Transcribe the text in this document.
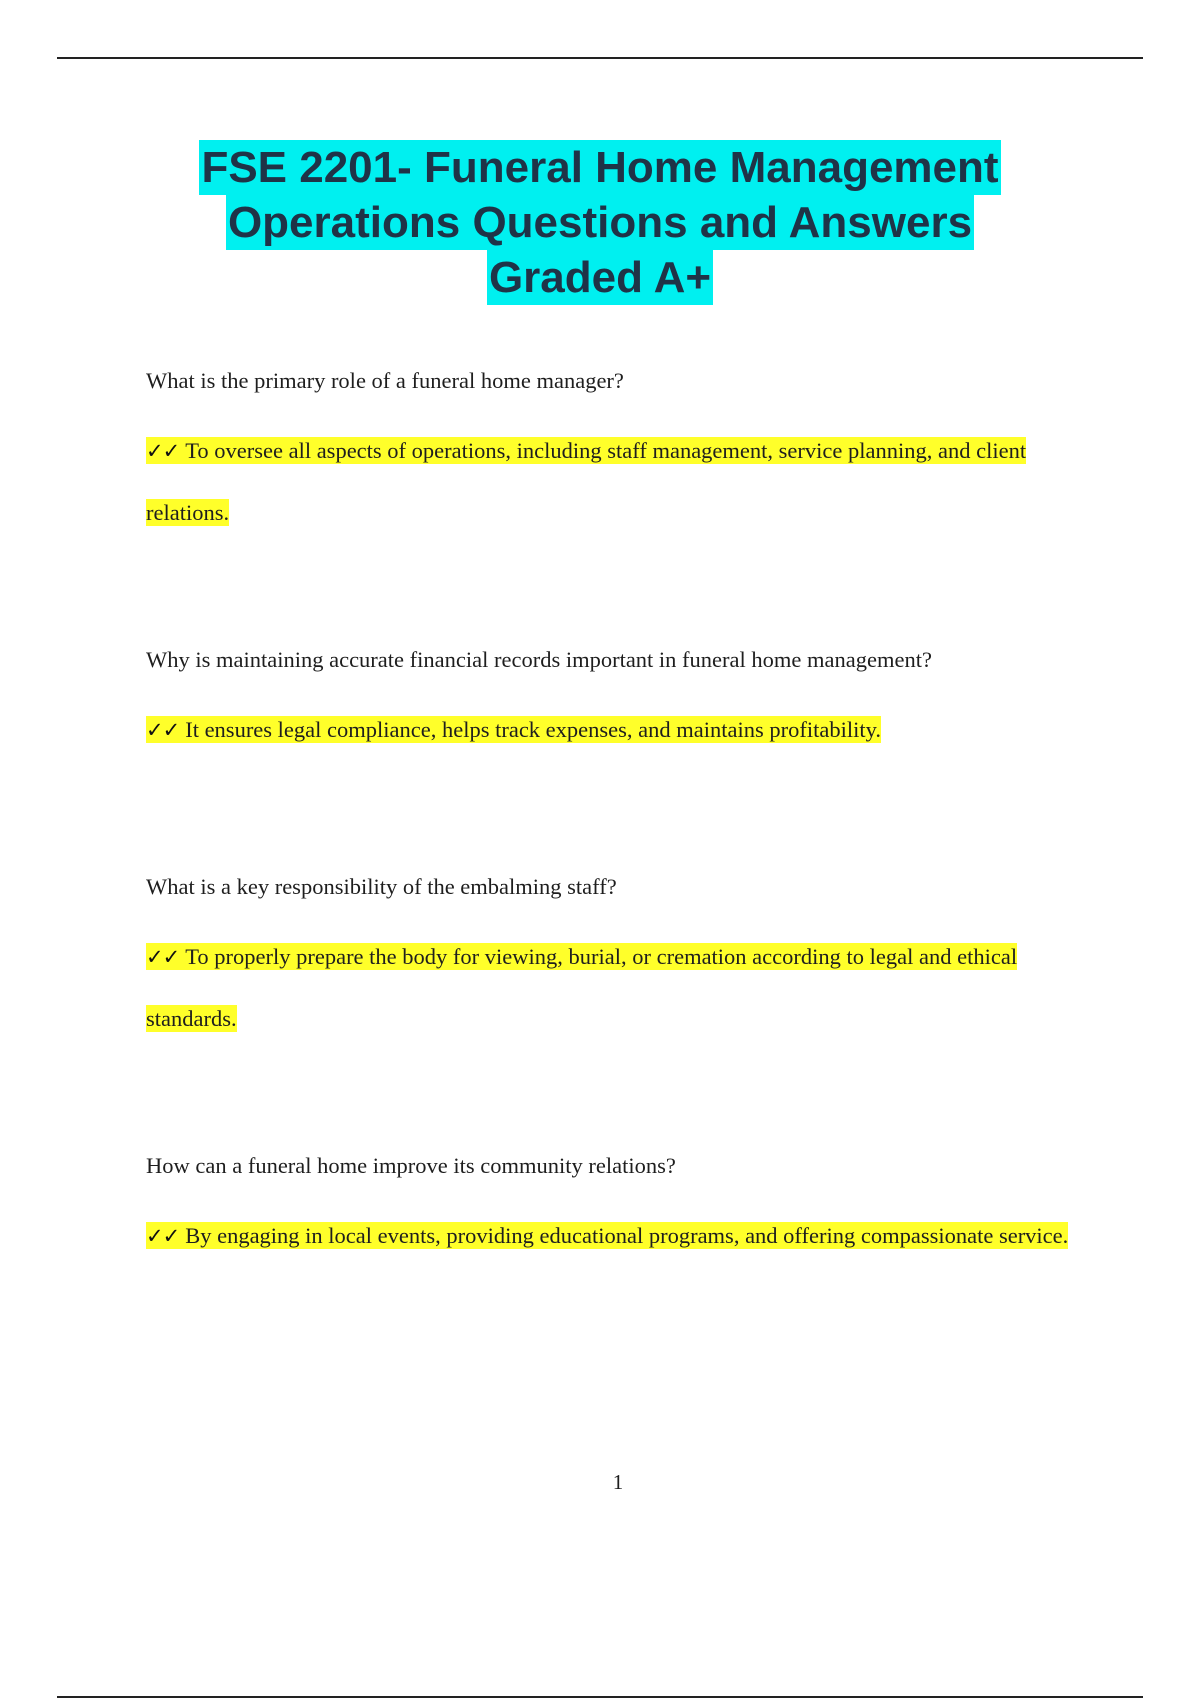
FSE 2201- Funeral Home Management
Operations Questions and Answers
Graded A+

What is the primary role of a funeral home manager?

✓✓ To oversee all aspects of operations, including staff management, service planning, and client relations.

Why is maintaining accurate financial records important in funeral home management?

✓✓ It ensures legal compliance, helps track expenses, and maintains profitability.

What is a key responsibility of the embalming staff?

✓✓ To properly prepare the body for viewing, burial, or cremation according to legal and ethical standards.

How can a funeral home improve its community relations?

✓✓ By engaging in local events, providing educational programs, and offering compassionate service.

1
